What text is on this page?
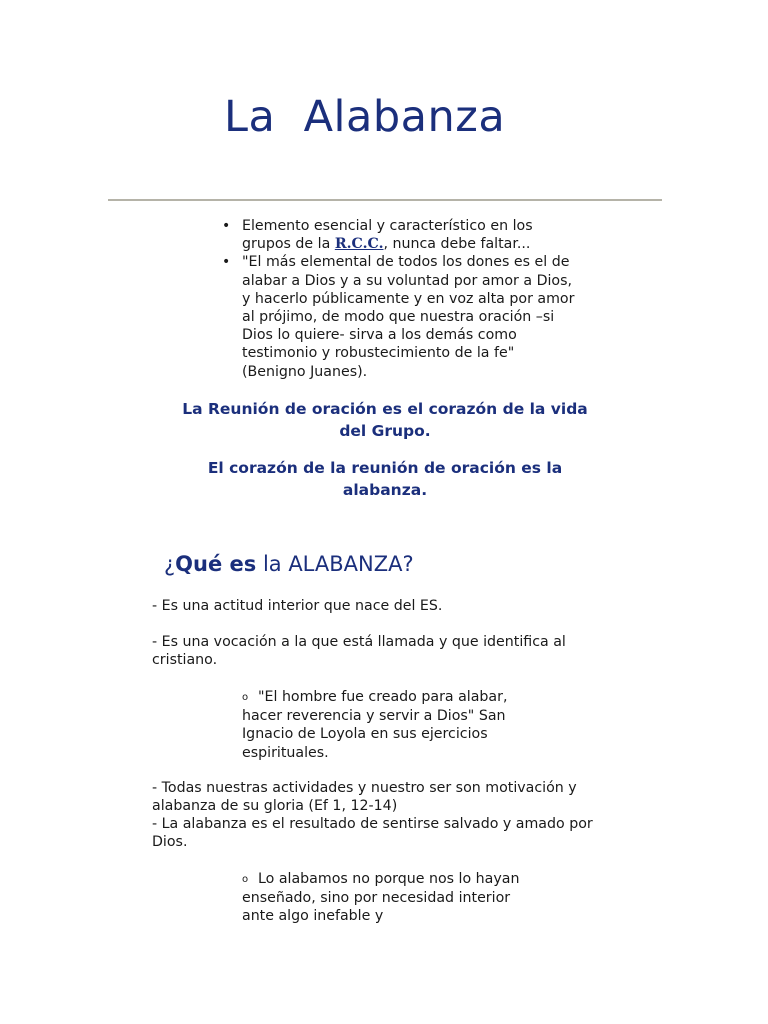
La  Alabanza
• Elemento esencial y característico en los grupos de la R.C.C., nunca debe faltar...
• "El más elemental de todos los dones es el de alabar a Dios y a su voluntad por amor a Dios, y hacerlo públicamente y en voz alta por amor al prójimo, de modo que nuestra oración –si Dios lo quiere- sirva a los demás como testimonio y robustecimiento de la fe" (Benigno Juanes).

La Reunión de oración es el corazón de la vida del Grupo.

El corazón de la reunión de oración es la alabanza.

¿Qué es la ALABANZA?

- Es una actitud interior que nace del ES.

- Es una vocación a la que está llamada y que identifica al cristiano.

o "El hombre fue creado para alabar, hacer reverencia y servir a Dios" San Ignacio de Loyola en sus ejercicios espirituales.

- Todas nuestras actividades y nuestro ser son motivación y alabanza de su gloria (Ef 1, 12-14)

- La alabanza es el resultado de sentirse salvado y amado por Dios.

o Lo alabamos no porque nos lo hayan enseñado, sino por necesidad interior ante algo inefable y
